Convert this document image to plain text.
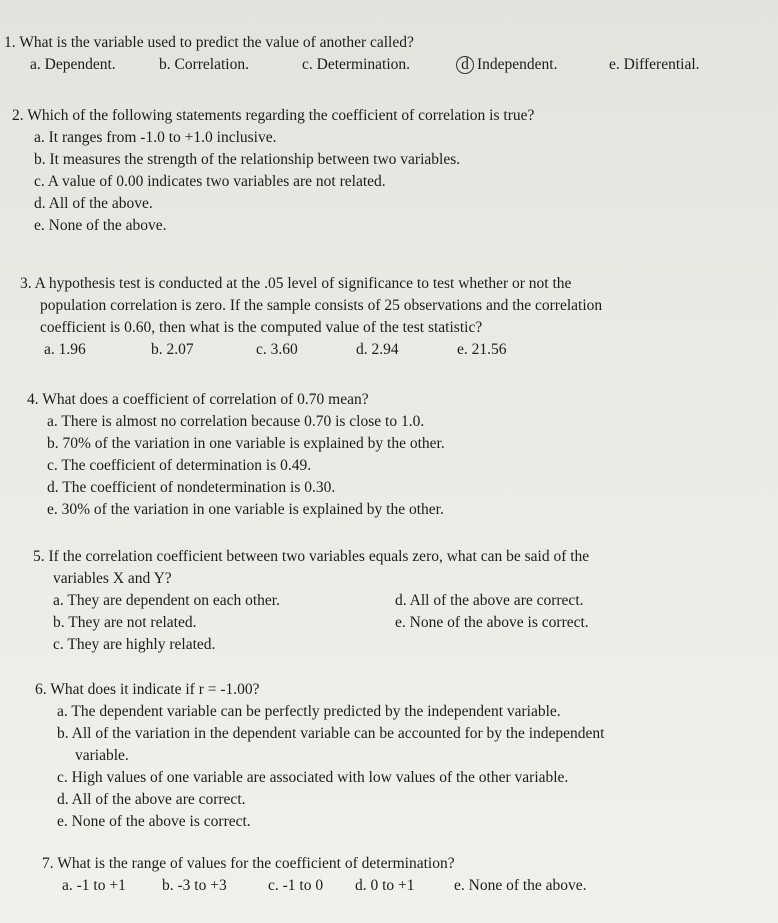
1. What is the variable used to predict the value of another called?
a. Dependent.	b. Correlation.	c. Determination.	d Independent.	e. Differential.
2. Which of the following statements regarding the coefficient of correlation is true?
a. It ranges from -1.0 to +1.0 inclusive.
b. It measures the strength of the relationship between two variables.
c. A value of 0.00 indicates two variables are not related.
d. All of the above.
e. None of the above.
3. A hypothesis test is conducted at the .05 level of significance to test whether or not the
population correlation is zero. If the sample consists of 25 observations and the correlation
coefficient is 0.60, then what is the computed value of the test statistic?
a. 1.96	b. 2.07	c. 3.60	d. 2.94	e. 21.56
4. What does a coefficient of correlation of 0.70 mean?
a. There is almost no correlation because 0.70 is close to 1.0.
b. 70% of the variation in one variable is explained by the other.
c. The coefficient of determination is 0.49.
d. The coefficient of nondetermination is 0.30.
e. 30% of the variation in one variable is explained by the other.
5. If the correlation coefficient between two variables equals zero, what can be said of the
variables X and Y?
a. They are dependent on each other.
b. They are not related.
c. They are highly related.
d. All of the above are correct.
e. None of the above is correct.
6. What does it indicate if r = -1.00?
a. The dependent variable can be perfectly predicted by the independent variable.
b. All of the variation in the dependent variable can be accounted for by the independent
variable.
c. High values of one variable are associated with low values of the other variable.
d. All of the above are correct.
e. None of the above is correct.
7. What is the range of values for the coefficient of determination?
a. -1 to +1 b. -3 to +3	c. -1 to 0 d. 0 to +1	e. None of the above.
